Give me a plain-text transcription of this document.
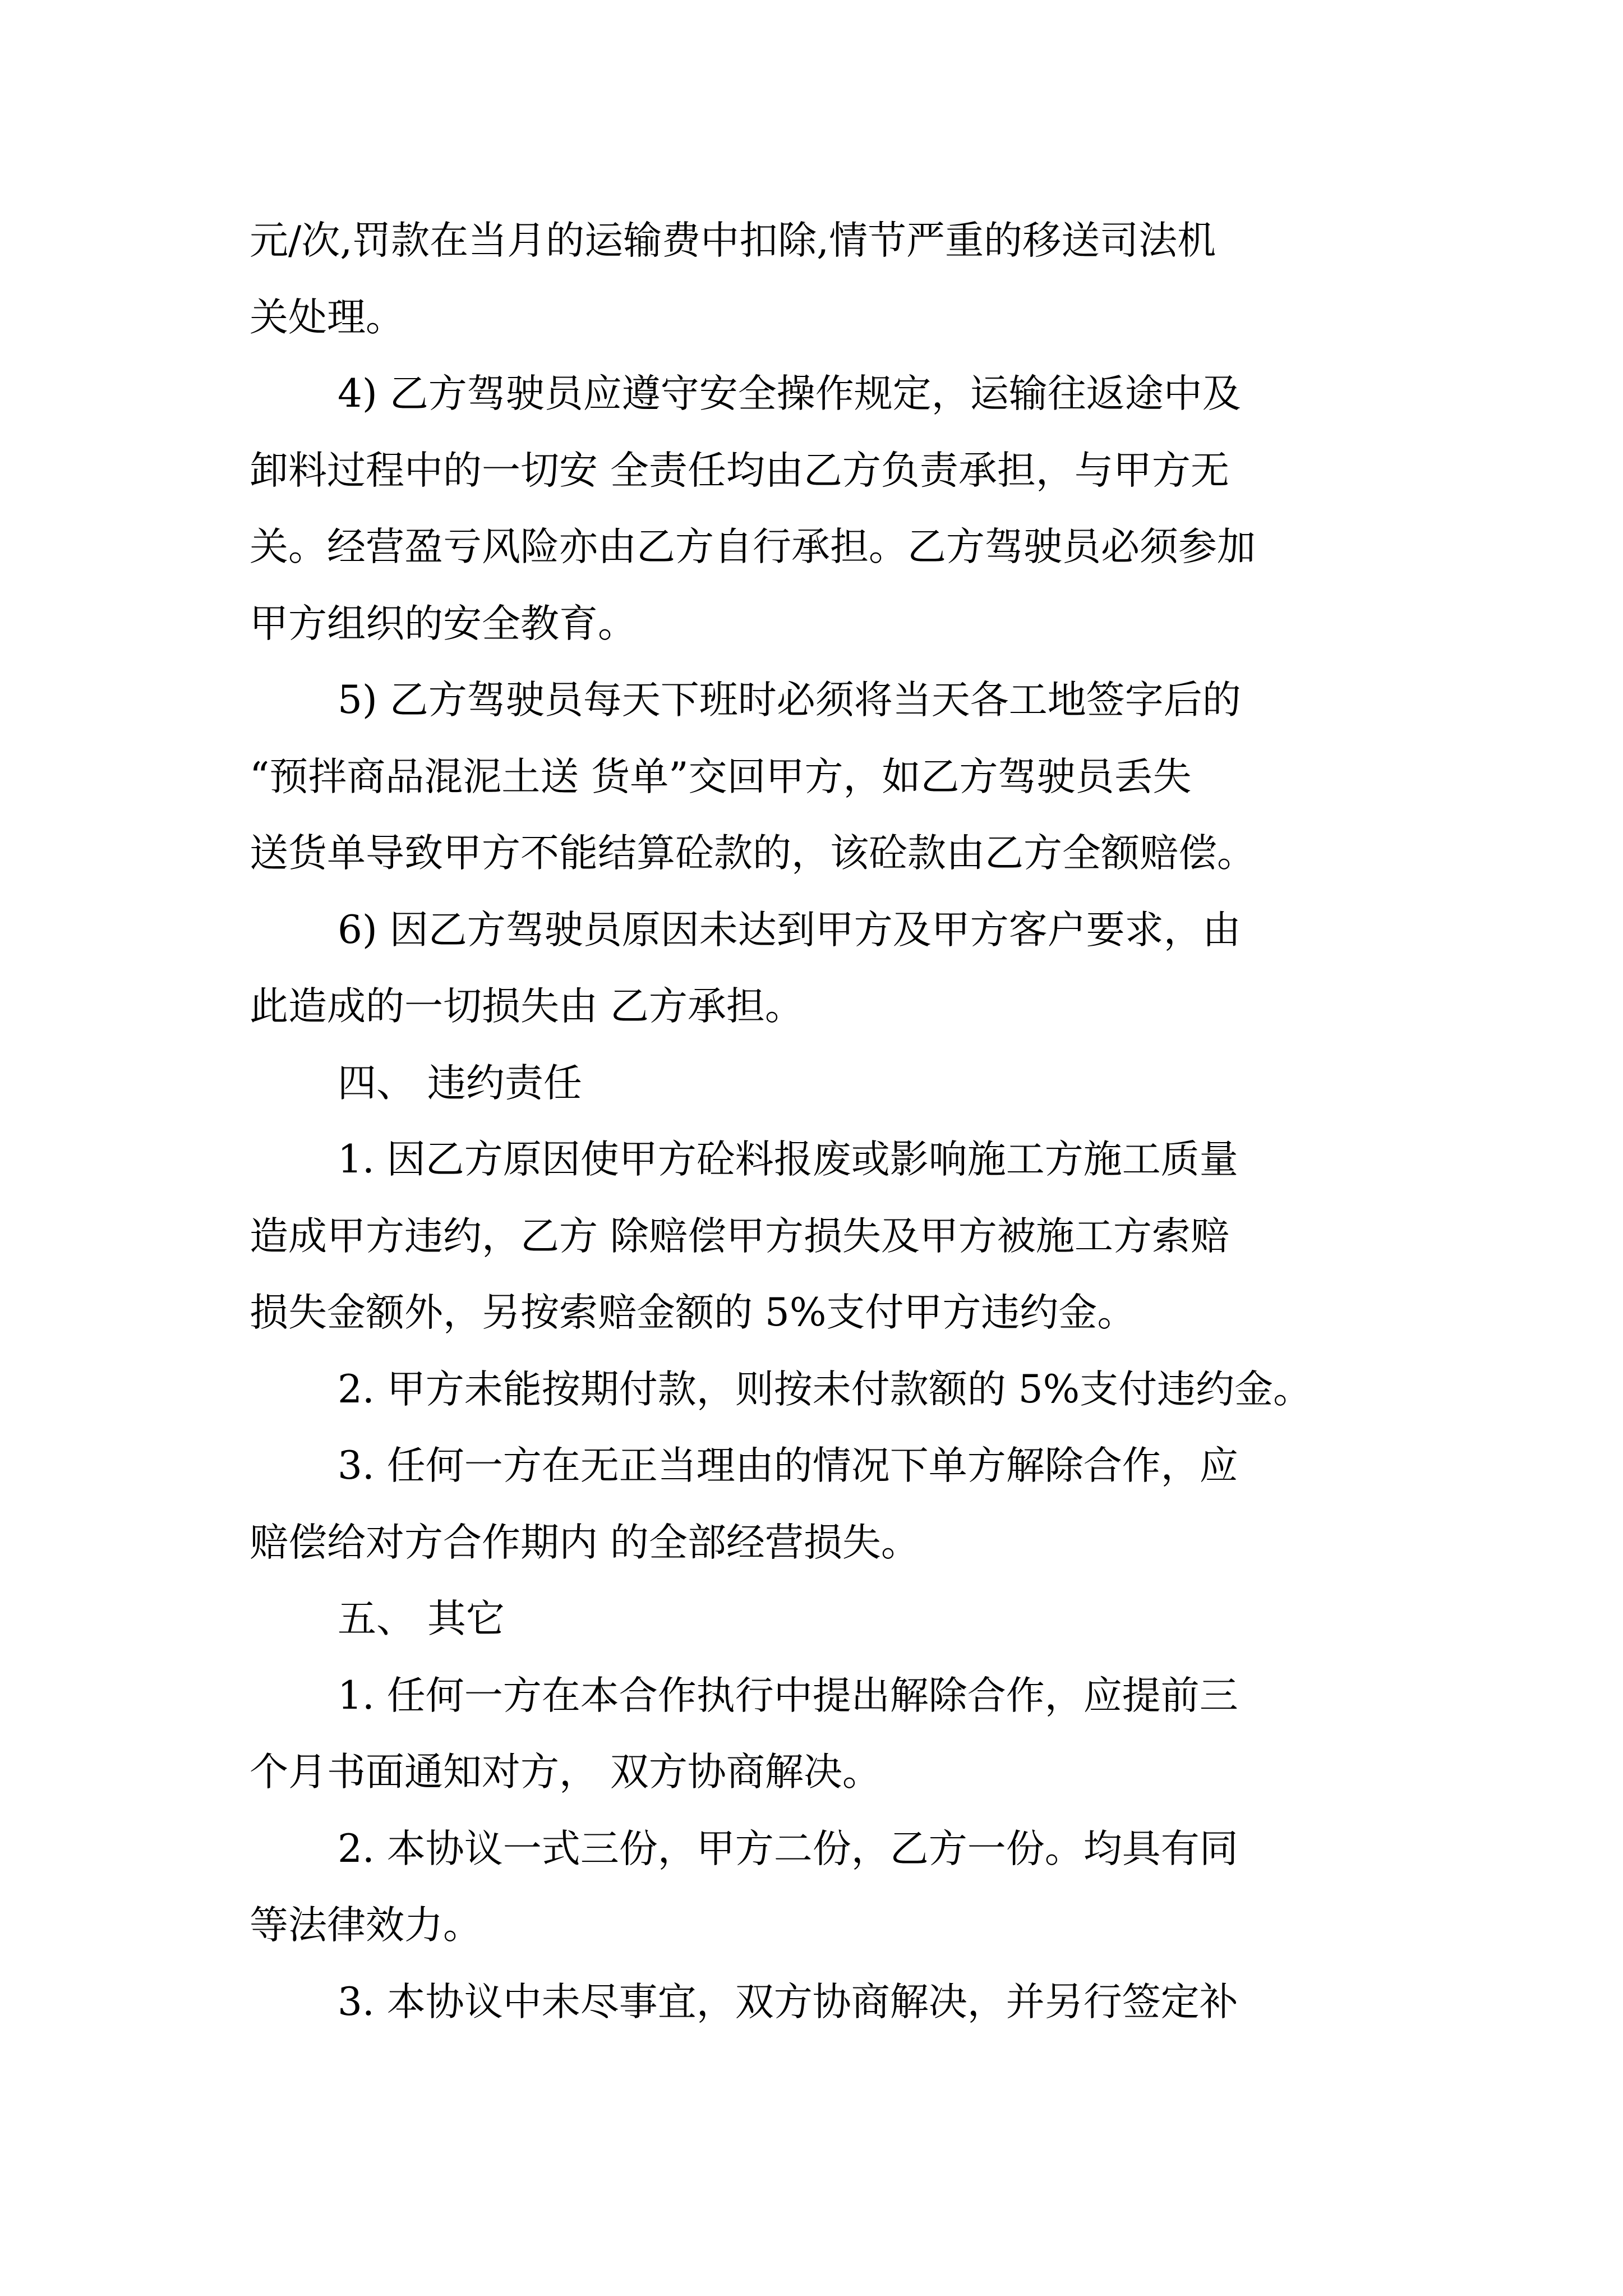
元/次,罚款在当月的运输费中扣除,情节严重的移送司法机
关处理。
4) 乙方驾驶员应遵守安全操作规定，运输往返途中及
卸料过程中的一切安 全责任均由乙方负责承担，与甲方无
关。经营盈亏风险亦由乙方自行承担。乙方驾驶员必须参加
甲方组织的安全教育。
5) 乙方驾驶员每天下班时必须将当天各工地签字后的
“预拌商品混泥土送 货单”交回甲方，如乙方驾驶员丢失
送货单导致甲方不能结算砼款的，该砼款由乙方全额赔偿。
6) 因乙方驾驶员原因未达到甲方及甲方客户要求，由
此造成的一切损失由 乙方承担。
四、 违约责任
1. 因乙方原因使甲方砼料报废或影响施工方施工质量
造成甲方违约，乙方 除赔偿甲方损失及甲方被施工方索赔
损失金额外，另按索赔金额的 5%支付甲方违约金。
2. 甲方未能按期付款，则按未付款额的 5%支付违约金。
3. 任何一方在无正当理由的情况下单方解除合作，应
赔偿给对方合作期内 的全部经营损失。
五、 其它
1. 任何一方在本合作执行中提出解除合作，应提前三
个月书面通知对方， 双方协商解决。
2. 本协议一式三份，甲方二份，乙方一份。均具有同
等法律效力。
3. 本协议中未尽事宜，双方协商解决，并另行签定补
